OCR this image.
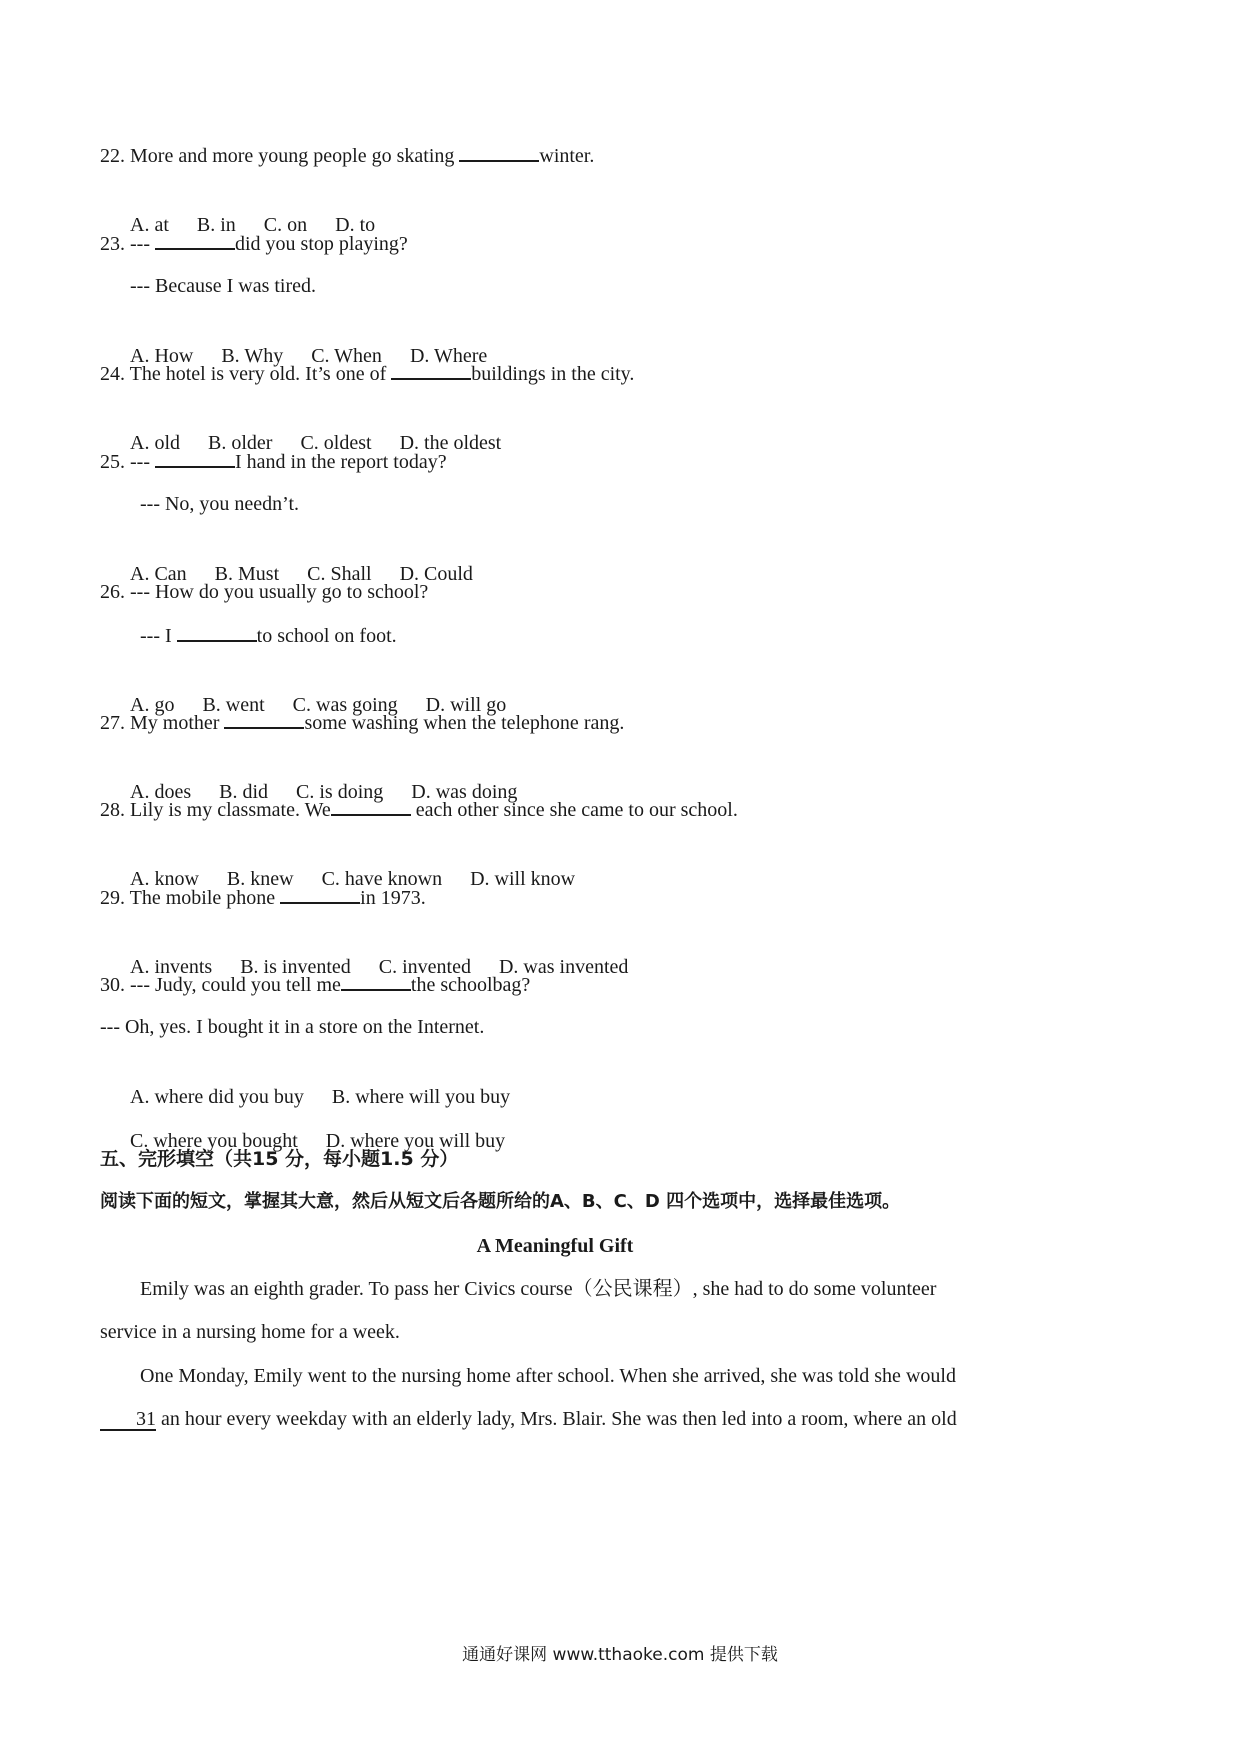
22. More and more young people go skating	winter.

A. at B. in C. on D. to

23. ---	did you stop playing?
--- Because I was tired.

A. How B. Why C. When D. Where

24. The hotel is very old. It’s one of	buildings in the city.

A. old B. older C. oldest D. the oldest

25. ---	I hand in the report today?
--- No, you needn’t.

A. Can B. Must C. Shall D. Could

26. --- How do you usually go to school?
--- I	to school on foot.

A. go B. went C. was going D. will go

27. My mother	some washing when the telephone rang.

A. does B. did C. is doing D. was doing

28. Lily is my classmate. We	each other since she came to our school.

A. know B. knew C. have known D. will know

29. The mobile phone	in 1973.

A. invents B. is invented C. invented D. was invented

30. --- Judy, could you tell me	the schoolbag?
--- Oh, yes. I bought it in a store on the Internet.

A. where did you buy B. where will you buy

C. where you bought D. where you will buy

五、完形填空（共15 分，每小题1.5 分）
阅读下面的短文，掌握其大意，然后从短文后各题所给的A、B、C、D 四个选项中，选择最佳选项。
A Meaningful Gift
Emily was an eighth grader. To pass her Civics course（公民课程）, she had to do some volunteer
service in a nursing home for a week.
One Monday, Emily went to the nursing home after school. When she arrived, she was told she would
31 an hour every weekday with an elderly lady, Mrs. Blair. She was then led into a room, where an old
通通好课网 www.tthaoke.com 提供下载
